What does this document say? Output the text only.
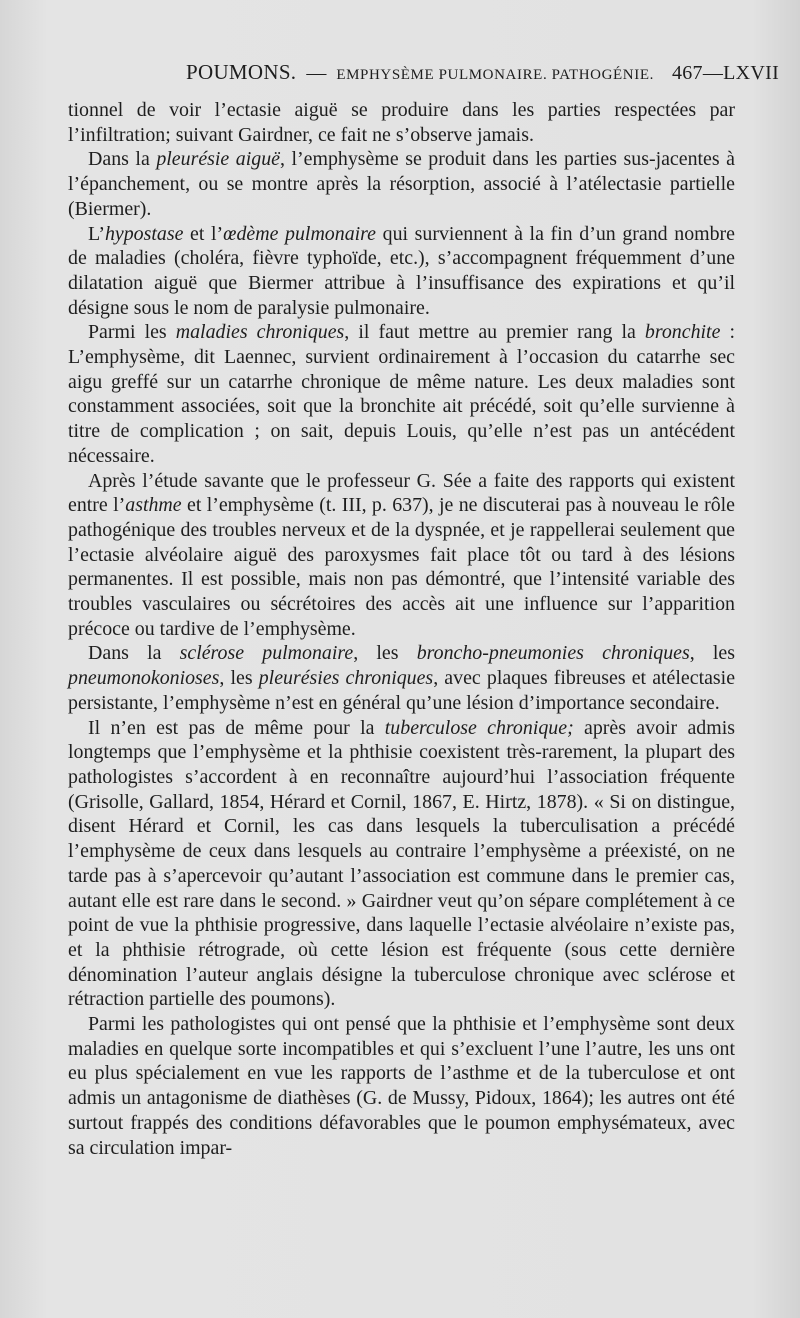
POUMONS. — EMPHYSÈME PULMONAIRE. PATHOGÉNIE. 467—LXVII

tionnel de voir l’ectasie aiguë se produire dans les parties respectées par l’infiltration; suivant Gairdner, ce fait ne s’observe jamais.

Dans la pleurésie aiguë, l’emphysème se produit dans les parties sus-jacentes à l’épanchement, ou se montre après la résorption, associé à l’atélectasie partielle (Biermer).

L’hypostase et l’œdème pulmonaire qui surviennent à la fin d’un grand nombre de maladies (choléra, fièvre typhoïde, etc.), s’accompagnent fréquemment d’une dilatation aiguë que Biermer attribue à l’insuffisance des expirations et qu’il désigne sous le nom de paralysie pulmonaire.

Parmi les maladies chroniques, il faut mettre au premier rang la bronchite : L’emphysème, dit Laennec, survient ordinairement à l’occasion du catarrhe sec aigu greffé sur un catarrhe chronique de même nature. Les deux maladies sont constamment associées, soit que la bronchite ait précédé, soit qu’elle survienne à titre de complication ; on sait, depuis Louis, qu’elle n’est pas un antécédent nécessaire.

Après l’étude savante que le professeur G. Sée a faite des rapports qui existent entre l’asthme et l’emphysème (t. III, p. 637), je ne discuterai pas à nouveau le rôle pathogénique des troubles nerveux et de la dyspnée, et je rappellerai seulement que l’ectasie alvéolaire aiguë des paroxysmes fait place tôt ou tard à des lésions permanentes. Il est possible, mais non pas démontré, que l’intensité variable des troubles vasculaires ou sécrétoires des accès ait une influence sur l’apparition précoce ou tardive de l’emphysème.

Dans la sclérose pulmonaire, les broncho-pneumonies chroniques, les pneumonokonioses, les pleurésies chroniques, avec plaques fibreuses et atélectasie persistante, l’emphysème n’est en général qu’une lésion d’importance secondaire.

Il n’en est pas de même pour la tuberculose chronique; après avoir admis longtemps que l’emphysème et la phthisie coexistent très-rarement, la plupart des pathologistes s’accordent à en reconnaître aujourd’hui l’association fréquente (Grisolle, Gallard, 1854, Hérard et Cornil, 1867, E. Hirtz, 1878). « Si on distingue, disent Hérard et Cornil, les cas dans lesquels la tuberculisation a précédé l’emphysème de ceux dans lesquels au contraire l’emphysème a préexisté, on ne tarde pas à s’apercevoir qu’autant l’association est commune dans le premier cas, autant elle est rare dans le second. » Gairdner veut qu’on sépare complétement à ce point de vue la phthisie progressive, dans laquelle l’ectasie alvéolaire n’existe pas, et la phthisie rétrograde, où cette lésion est fréquente (sous cette dernière dénomination l’auteur anglais désigne la tuberculose chronique avec sclérose et rétraction partielle des poumons).

Parmi les pathologistes qui ont pensé que la phthisie et l’emphysème sont deux maladies en quelque sorte incompatibles et qui s’excluent l’une l’autre, les uns ont eu plus spécialement en vue les rapports de l’asthme et de la tuberculose et ont admis un antagonisme de diathèses (G. de Mussy, Pidoux, 1864); les autres ont été surtout frappés des conditions défavorables que le poumon emphysémateux, avec sa circulation impar-
